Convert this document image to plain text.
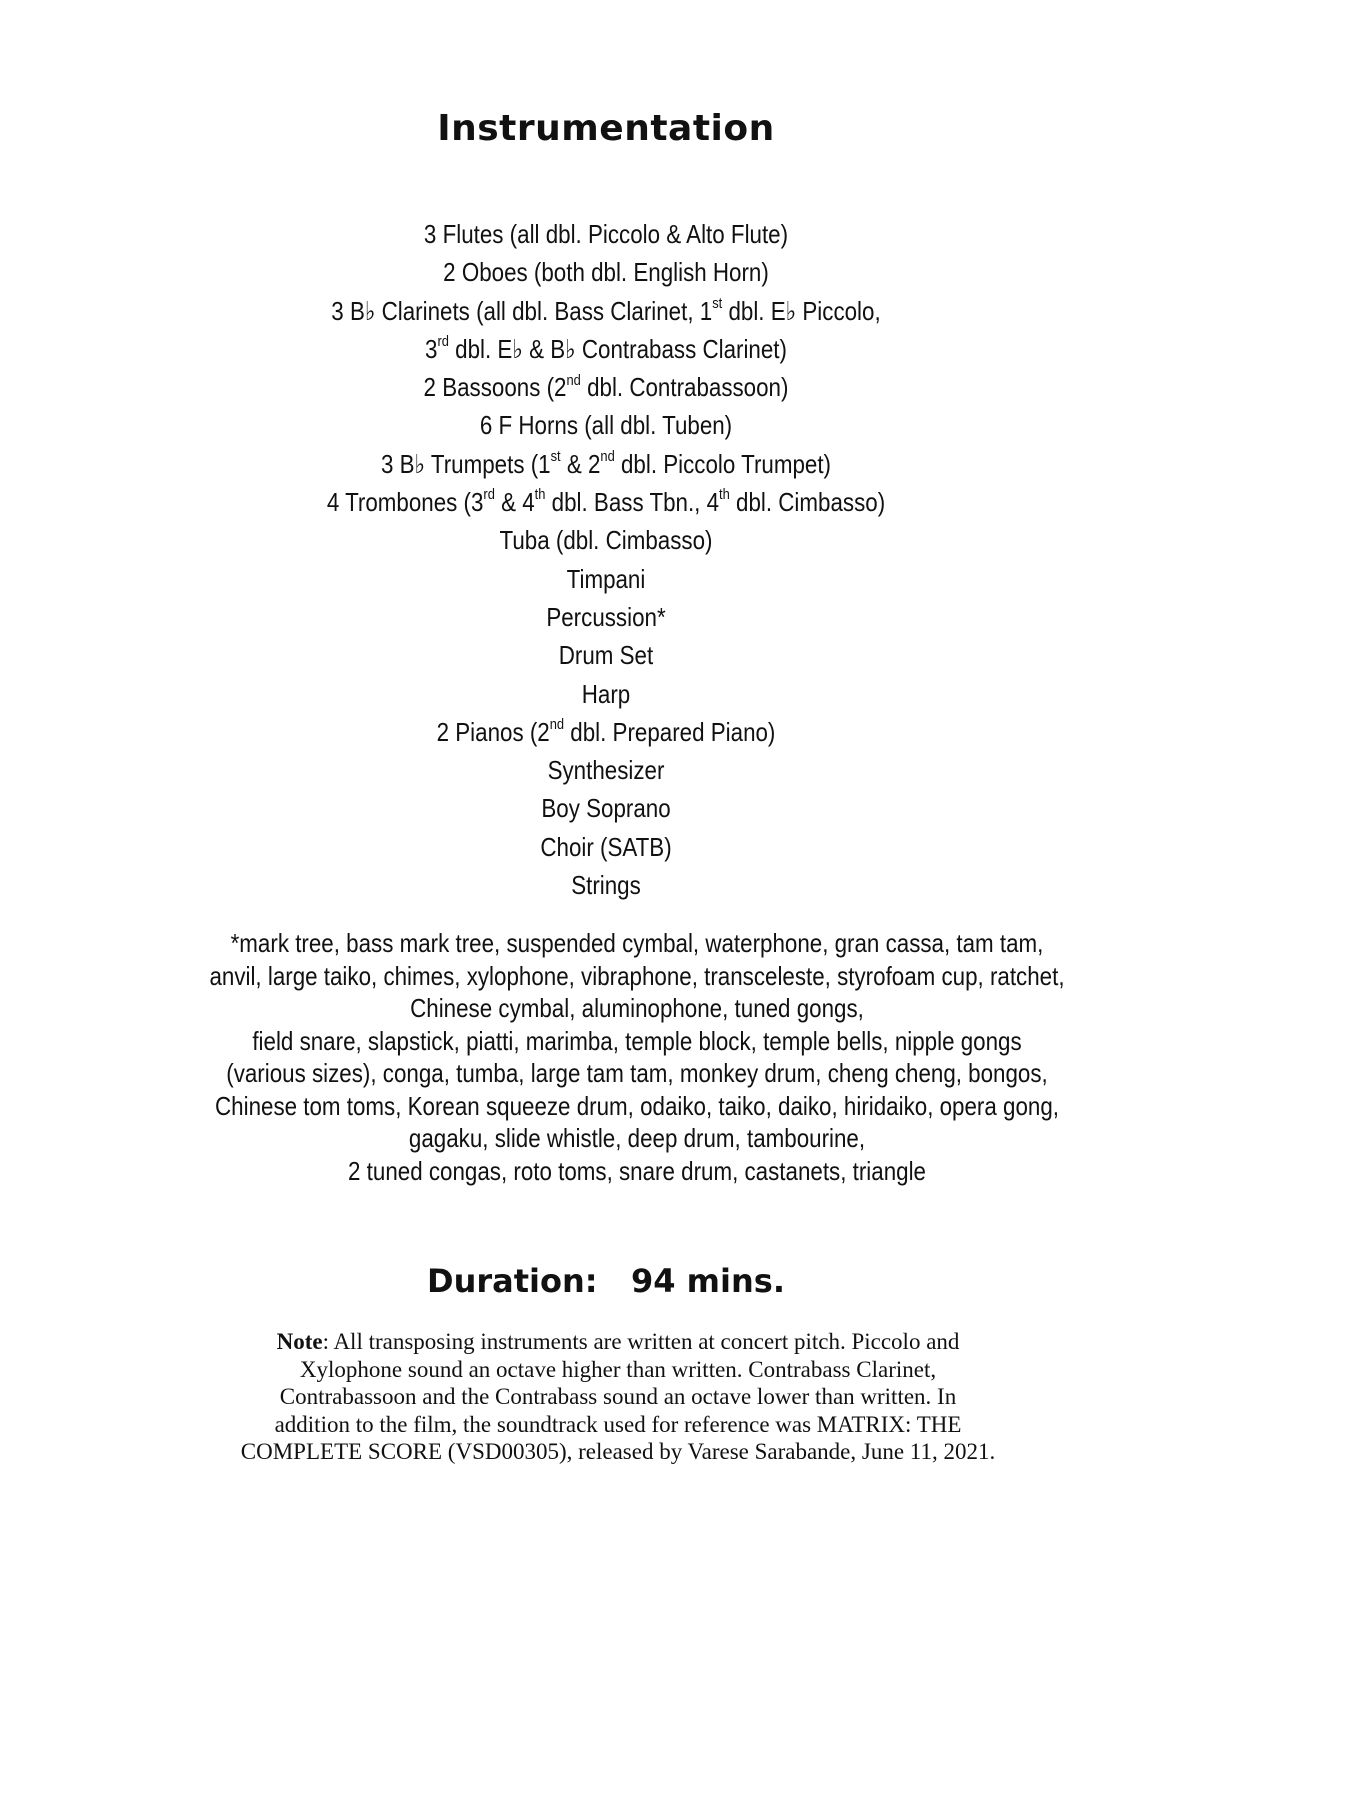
Instrumentation
3 Flutes (all dbl. Piccolo & Alto Flute)
2 Oboes (both dbl. English Horn)
3 B♭ Clarinets (all dbl. Bass Clarinet, 1st dbl. E♭ Piccolo,
3rd dbl. E♭ & B♭ Contrabass Clarinet)
2 Bassoons (2nd dbl. Contrabassoon)
6 F Horns (all dbl. Tuben)
3 B♭ Trumpets (1st & 2nd dbl. Piccolo Trumpet)
4 Trombones (3rd & 4th dbl. Bass Tbn., 4th dbl. Cimbasso)
Tuba (dbl. Cimbasso)
Timpani
Percussion*
Drum Set
Harp
2 Pianos (2nd dbl. Prepared Piano)
Synthesizer
Boy Soprano
Choir (SATB)
Strings
*mark tree, bass mark tree, suspended cymbal, waterphone, gran cassa, tam tam,
anvil, large taiko, chimes, xylophone, vibraphone, transceleste, styrofoam cup, ratchet,
Chinese cymbal, aluminophone, tuned gongs,
field snare, slapstick, piatti, marimba, temple block, temple bells, nipple gongs
(various sizes), conga, tumba, large tam tam, monkey drum, cheng cheng, bongos,
Chinese tom toms, Korean squeeze drum, odaiko, taiko, daiko, hiridaiko, opera gong,
gagaku, slide whistle, deep drum, tambourine,
2 tuned congas, roto toms, snare drum, castanets, triangle
Duration:   94 mins.
Note: All transposing instruments are written at concert pitch. Piccolo and
Xylophone sound an octave higher than written. Contrabass Clarinet,
Contrabassoon and the Contrabass sound an octave lower than written. In
addition to the film, the soundtrack used for reference was MATRIX: THE
COMPLETE SCORE (VSD00305), released by Varese Sarabande, June 11, 2021.
